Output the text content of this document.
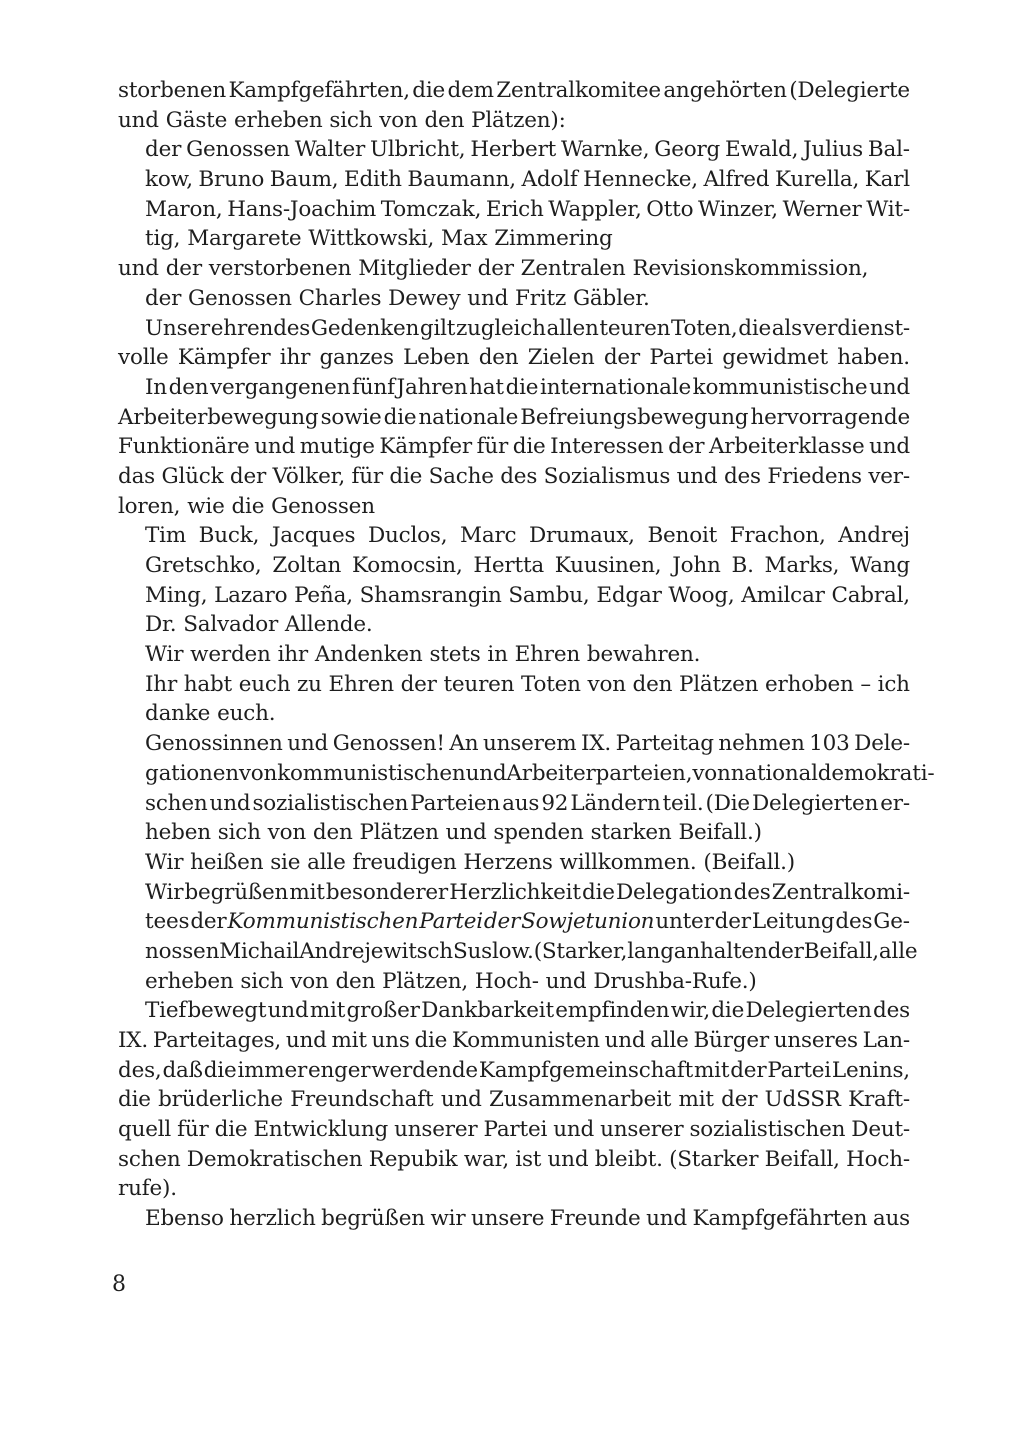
storbenen Kampfgefährten, die dem Zentralkomitee angehörten (Delegierte
und Gäste erheben sich von den Plätzen):
der Genossen Walter Ulbricht, Herbert Warnke, Georg Ewald, Julius Bal-
kow, Bruno Baum, Edith Baumann, Adolf Hennecke, Alfred Kurella, Karl
Maron, Hans-Joachim Tomczak, Erich Wappler, Otto Winzer, Werner Wit-
tig, Margarete Wittkowski, Max Zimmering
und der verstorbenen Mitglieder der Zentralen Revisionskommission,
der Genossen Charles Dewey und Fritz Gäbler.
Unser ehrendes Gedenken gilt zugleich allen teuren Toten, die als verdienst-
volle Kämpfer ihr ganzes Leben den Zielen der Partei gewidmet haben.
In den vergangenen fünf Jahren hat die internationale kommunistische und
Arbeiterbewegung sowie die nationale Befreiungsbewegung hervorragende
Funktionäre und mutige Kämpfer für die Interessen der Arbeiterklasse und
das Glück der Völker, für die Sache des Sozialismus und des Friedens ver-
loren, wie die Genossen
Tim Buck, Jacques Duclos, Marc Drumaux, Benoit Frachon, Andrej
Gretschko, Zoltan Komocsin, Hertta Kuusinen, John B. Marks, Wang
Ming, Lazaro Peña, Shamsrangin Sambu, Edgar Woog, Amilcar Cabral,
Dr. Salvador Allende.
Wir werden ihr Andenken stets in Ehren bewahren.
Ihr habt euch zu Ehren der teuren Toten von den Plätzen erhoben – ich
danke euch.
Genossinnen und Genossen! An unserem IX. Parteitag nehmen 103 Dele-
gationen von kommunistischen und Arbeiterparteien, von nationaldemokrati-
schen und sozialistischen Parteien aus 92 Ländern teil. (Die Delegierten er-
heben sich von den Plätzen und spenden starken Beifall.)
Wir heißen sie alle freudigen Herzens willkommen. (Beifall.)
Wir begrüßen mit besonderer Herzlichkeit die Delegation des Zentralkomi-
tees der Kommunistischen Partei der Sowjetunion unter der Leitung des Ge-
nossen Michail Andrejewitsch Suslow. (Starker, lang anhaltender Beifall, alle
erheben sich von den Plätzen, Hoch- und Drushba-Rufe.)
Tief bewegt und mit großer Dankbarkeit empfinden wir, die Delegierten des
IX. Parteitages, und mit uns die Kommunisten und alle Bürger unseres Lan-
des, daß die immer enger werdende Kampfgemeinschaft mit der Partei Lenins,
die brüderliche Freundschaft und Zusammenarbeit mit der UdSSR Kraft-
quell für die Entwicklung unserer Partei und unserer sozialistischen Deut-
schen Demokratischen Repubik war, ist und bleibt. (Starker Beifall, Hoch-
rufe).
Ebenso herzlich begrüßen wir unsere Freunde und Kampfgefährten aus
8
